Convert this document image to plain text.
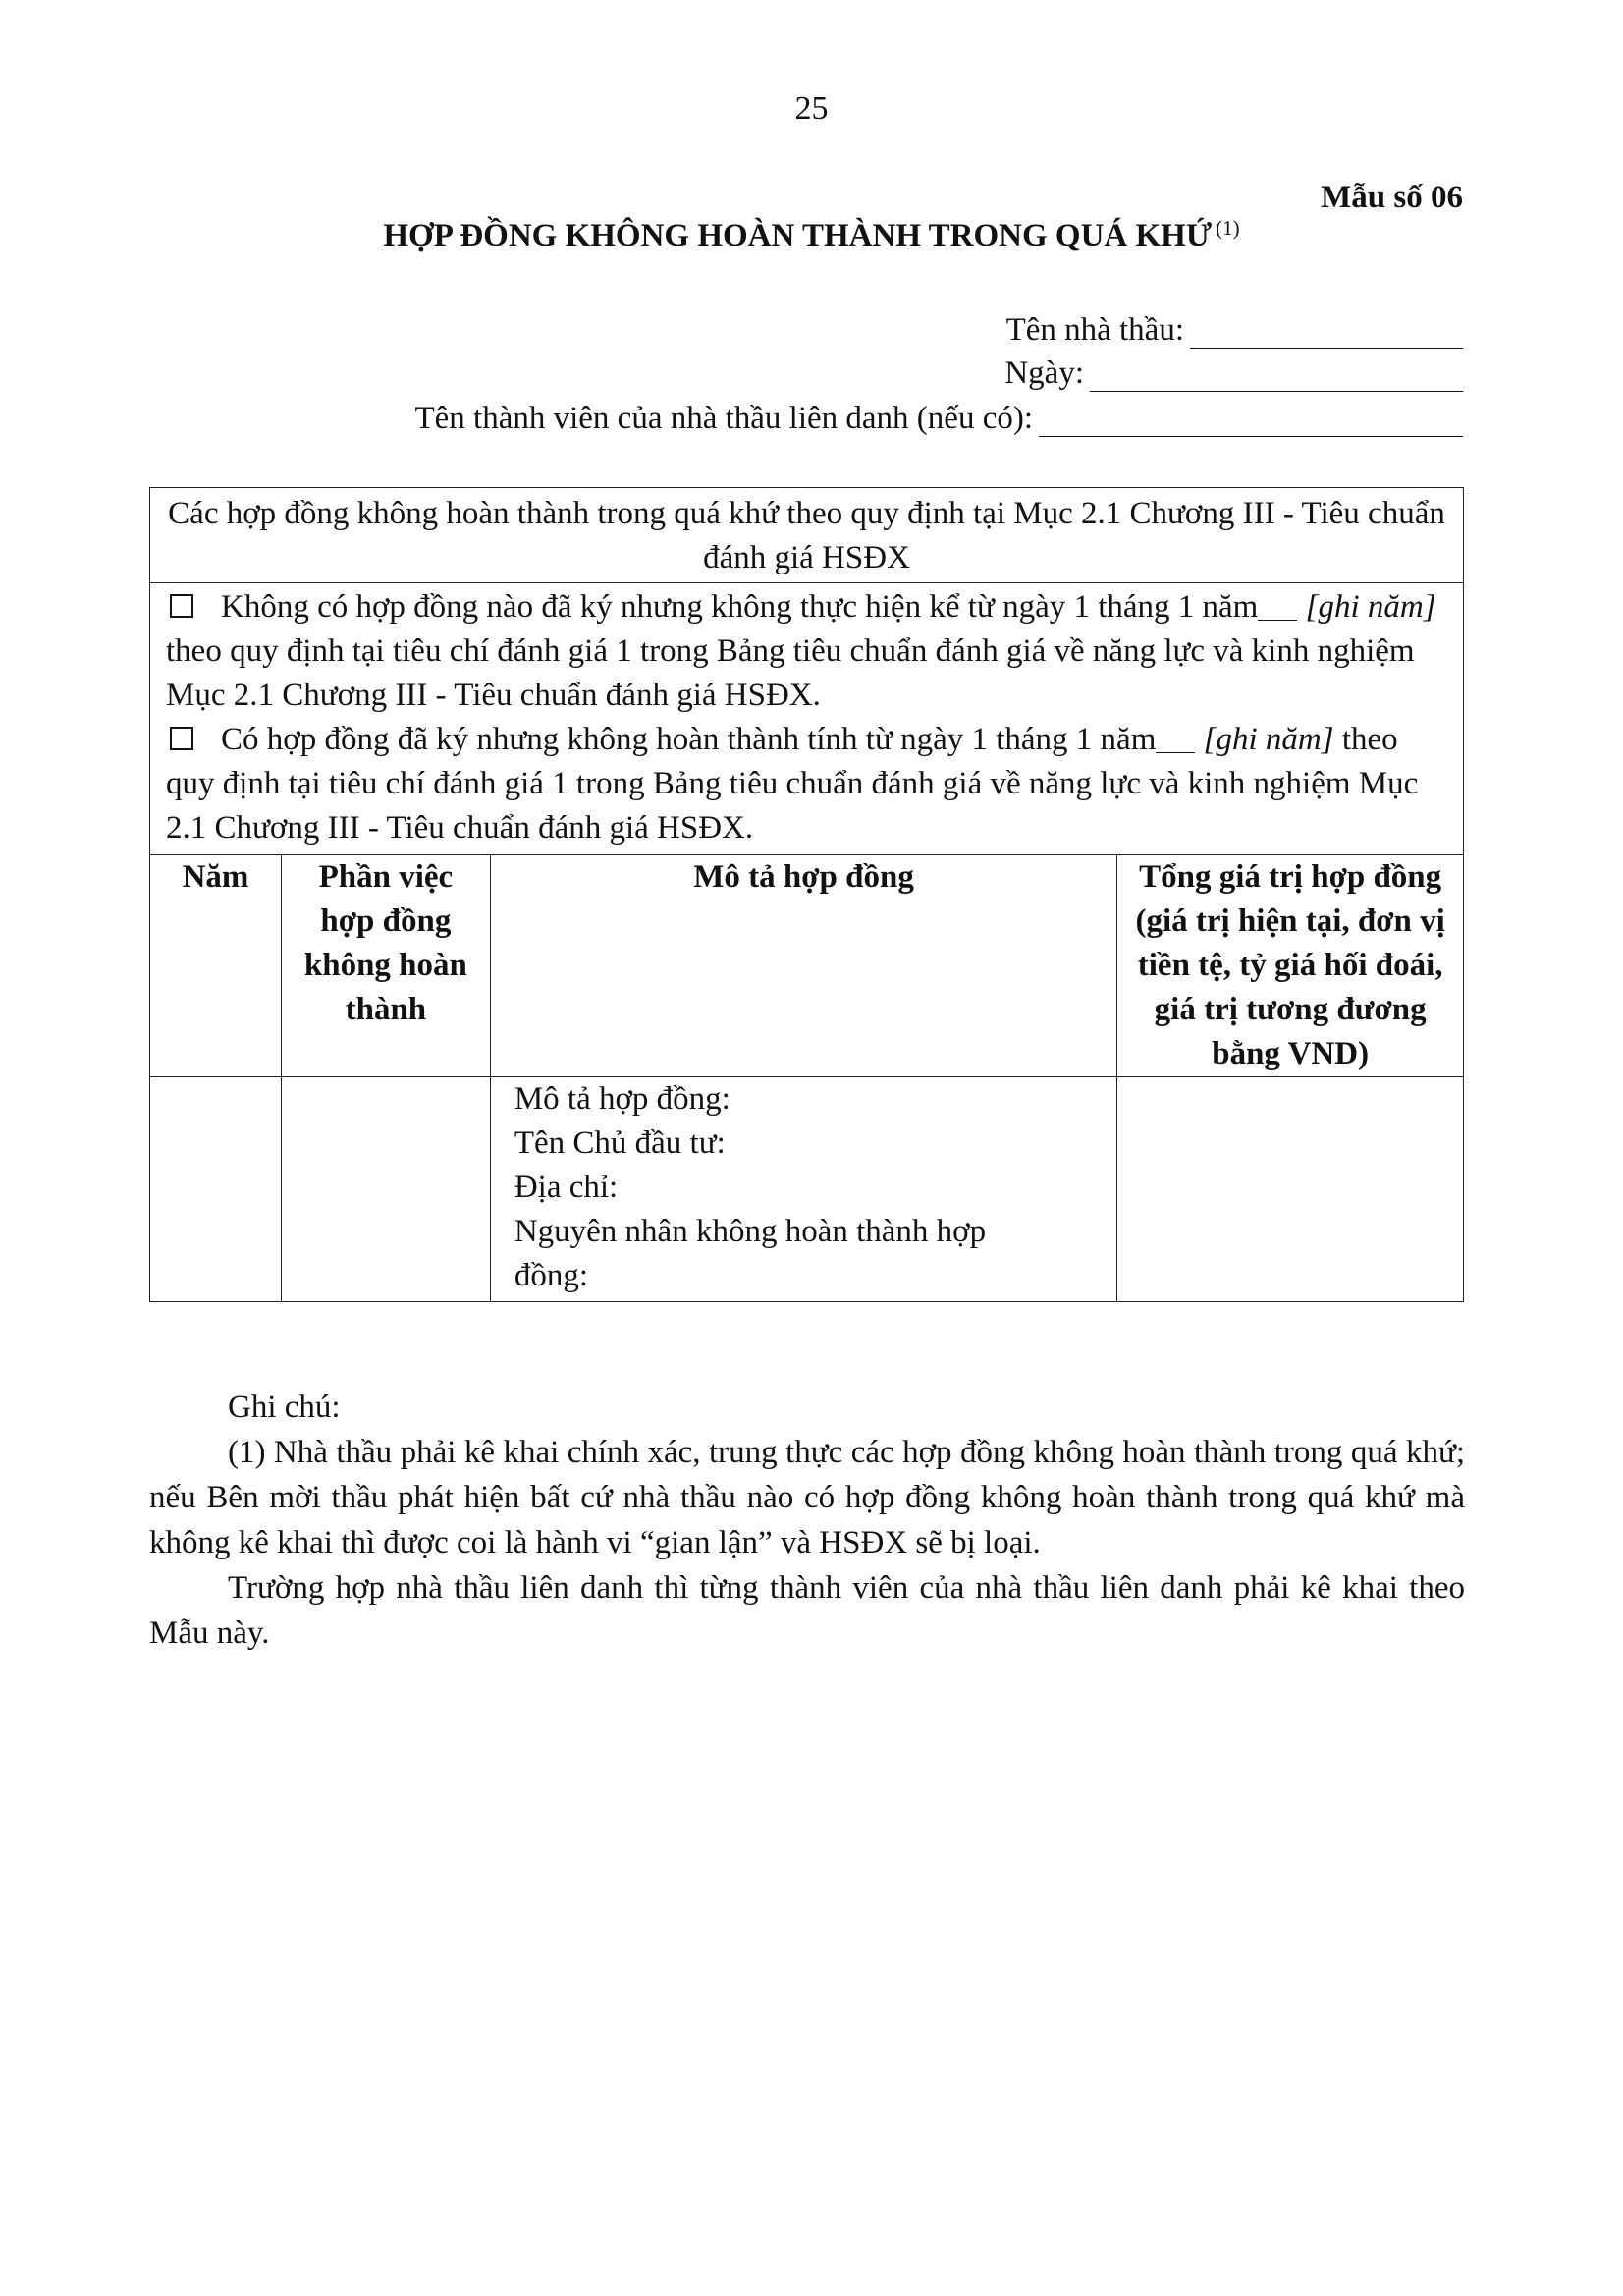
25
Mẫu số 06
HỢP ĐỒNG KHÔNG HOÀN THÀNH TRONG QUÁ KHỨ $^{(1)}$
Tên nhà thầu:
Ngày:
Tên thành viên của nhà thầu liên danh (nếu có):
Các hợp đồng không hoàn thành trong quá khứ theo quy định tại Mục 2.1 Chương III - Tiêu chuẩn đánh giá HSĐX			

Không có hợp đồng nào đã ký nhưng không thực hiện kể từ ngày 1 tháng 1 năm [ghi năm] theo quy định tại tiêu chí đánh giá 1 trong Bảng tiêu chuẩn đánh giá về năng lực và kinh nghiệm Mục 2.1 Chương III - Tiêu chuẩn đánh giá HSĐX.
Có hợp đồng đã ký nhưng không hoàn thành tính từ ngày 1 tháng 1 năm [ghi năm] theo quy định tại tiêu chí đánh giá 1 trong Bảng tiêu chuẩn đánh giá về năng lực và kinh nghiệm Mục 2.1 Chương III - Tiêu chuẩn đánh giá HSĐX.			

Năm	Phần việc hợp đồng không hoàn thành	Mô tả hợp đồng	Tổng giá trị hợp đồng (giá trị hiện tại, đơn vị tiền tệ, tỷ giá hối đoái, giá trị tương đương bằng VND)

		Mô tả hợp đồng:
Tên Chủ đầu tư:
Địa chỉ:
Nguyên nhân không hoàn thành hợp đồng:	

Ghi chú:

(1) Nhà thầu phải kê khai chính xác, trung thực các hợp đồng không hoàn thành trong quá khứ; nếu Bên mời thầu phát hiện bất cứ nhà thầu nào có hợp đồng không hoàn thành trong quá khứ mà không kê khai thì được coi là hành vi “gian lận” và HSĐX sẽ bị loại.

Trường hợp nhà thầu liên danh thì từng thành viên của nhà thầu liên danh phải kê khai theo Mẫu này.
